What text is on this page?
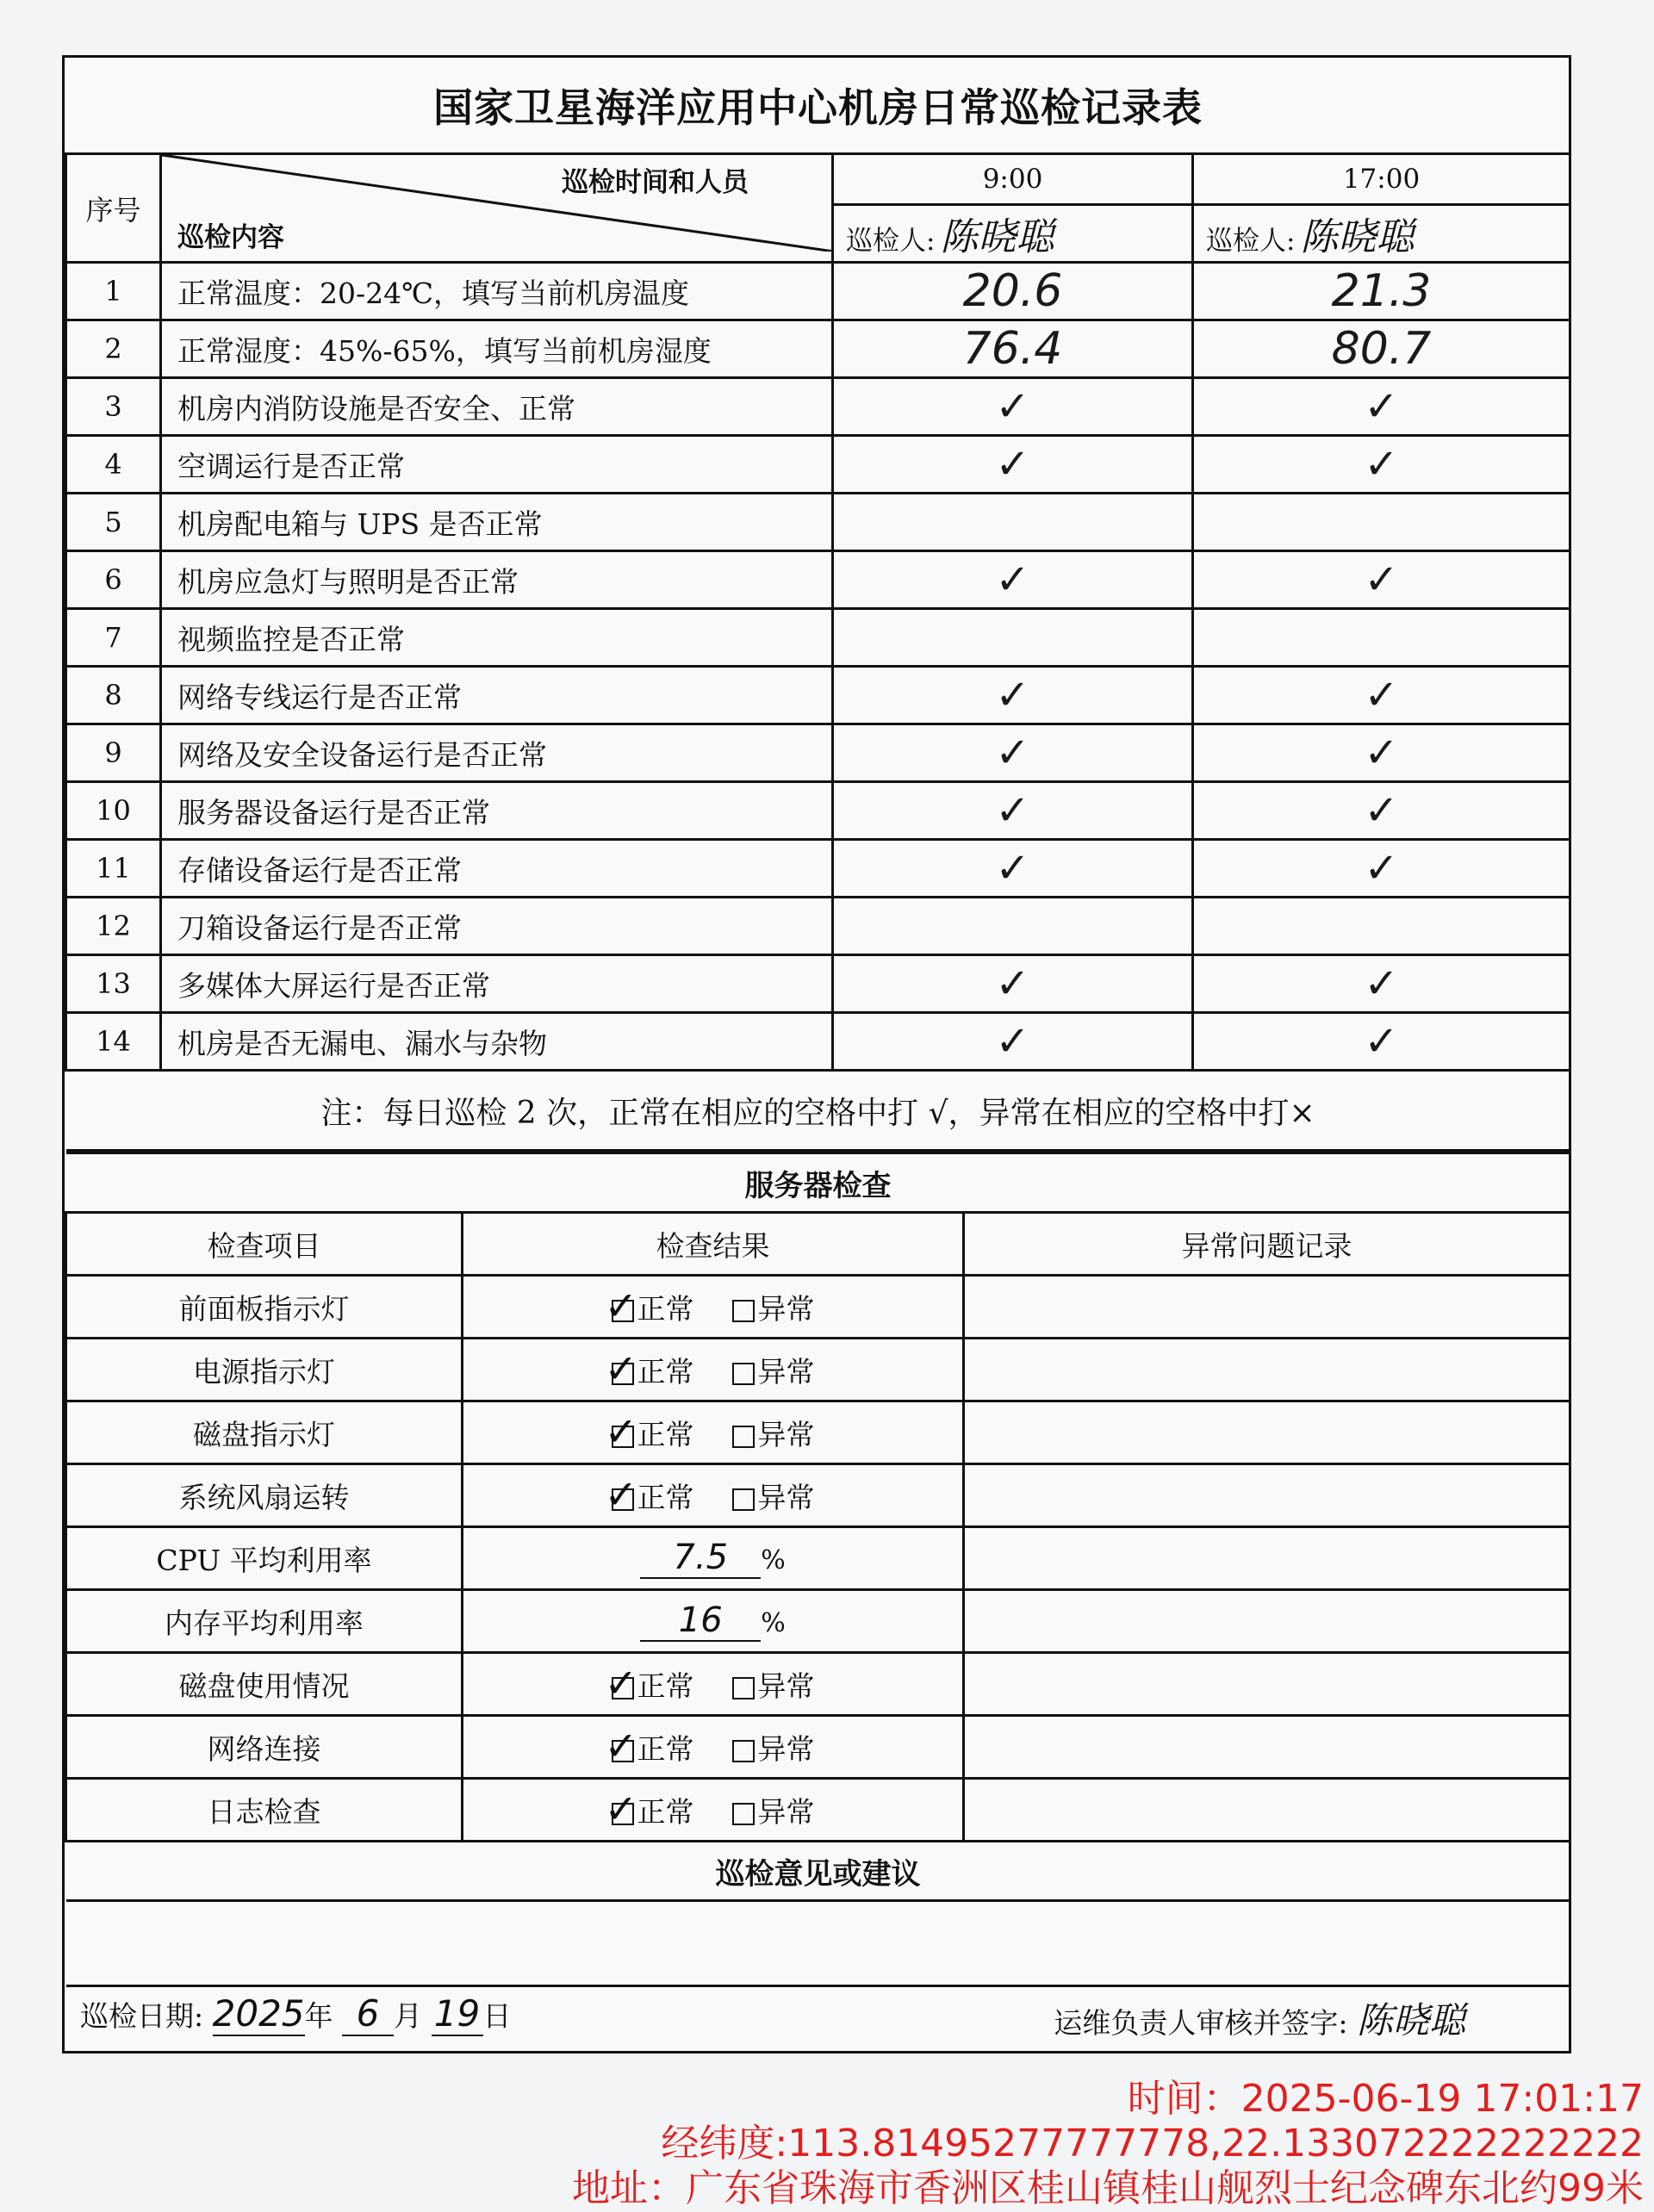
国家卫星海洋应用中心机房日常巡检记录表			
序号	巡检时间和人员
巡检内容	9:00	17:00
		巡检人: 陈晓聪	巡检人: 陈晓聪
1	正常温度：20-24℃，填写当前机房温度	20.6	21.3
2	正常湿度：45%-65%，填写当前机房湿度	76.4	80.7
3	机房内消防设施是否安全、正常	✓	✓
4	空调运行是否正常	✓	✓
5	机房配电箱与 UPS 是否正常		
6	机房应急灯与照明是否正常	✓	✓
7	视频监控是否正常		
8	网络专线运行是否正常	✓	✓
9	网络及安全设备运行是否正常	✓	✓
10	服务器设备运行是否正常	✓	✓
11	存储设备运行是否正常	✓	✓
12	刀箱设备运行是否正常		
13	多媒体大屏运行是否正常	✓	✓
14	机房是否无漏电、漏水与杂物	✓	✓
注：每日巡检 2 次，正常在相应的空格中打 √，异常在相应的空格中打×			
服务器检查		
检查项目	检查结果	异常问题记录
前面板指示灯	✓ 正常 异常	
电源指示灯	✓ 正常 异常	
磁盘指示灯	✓ 正常 异常	
系统风扇运转	✓ 正常 异常	
CPU 平均利用率	7.5 %	
内存平均利用率	16 %	
磁盘使用情况	✓ 正常 异常	
网络连接	✓ 正常 异常	
日志检查	✓ 正常 异常	
巡检意见或建议		

巡检日期: 2025年 6 月 19日	运维负责人审核并签字: 陈晓聪
时间：2025-06-19 17:01:17
经纬度:113.81495277777778,22.133072222222222
地址：广东省珠海市香洲区桂山镇桂山舰烈士纪念碑东北约99米
